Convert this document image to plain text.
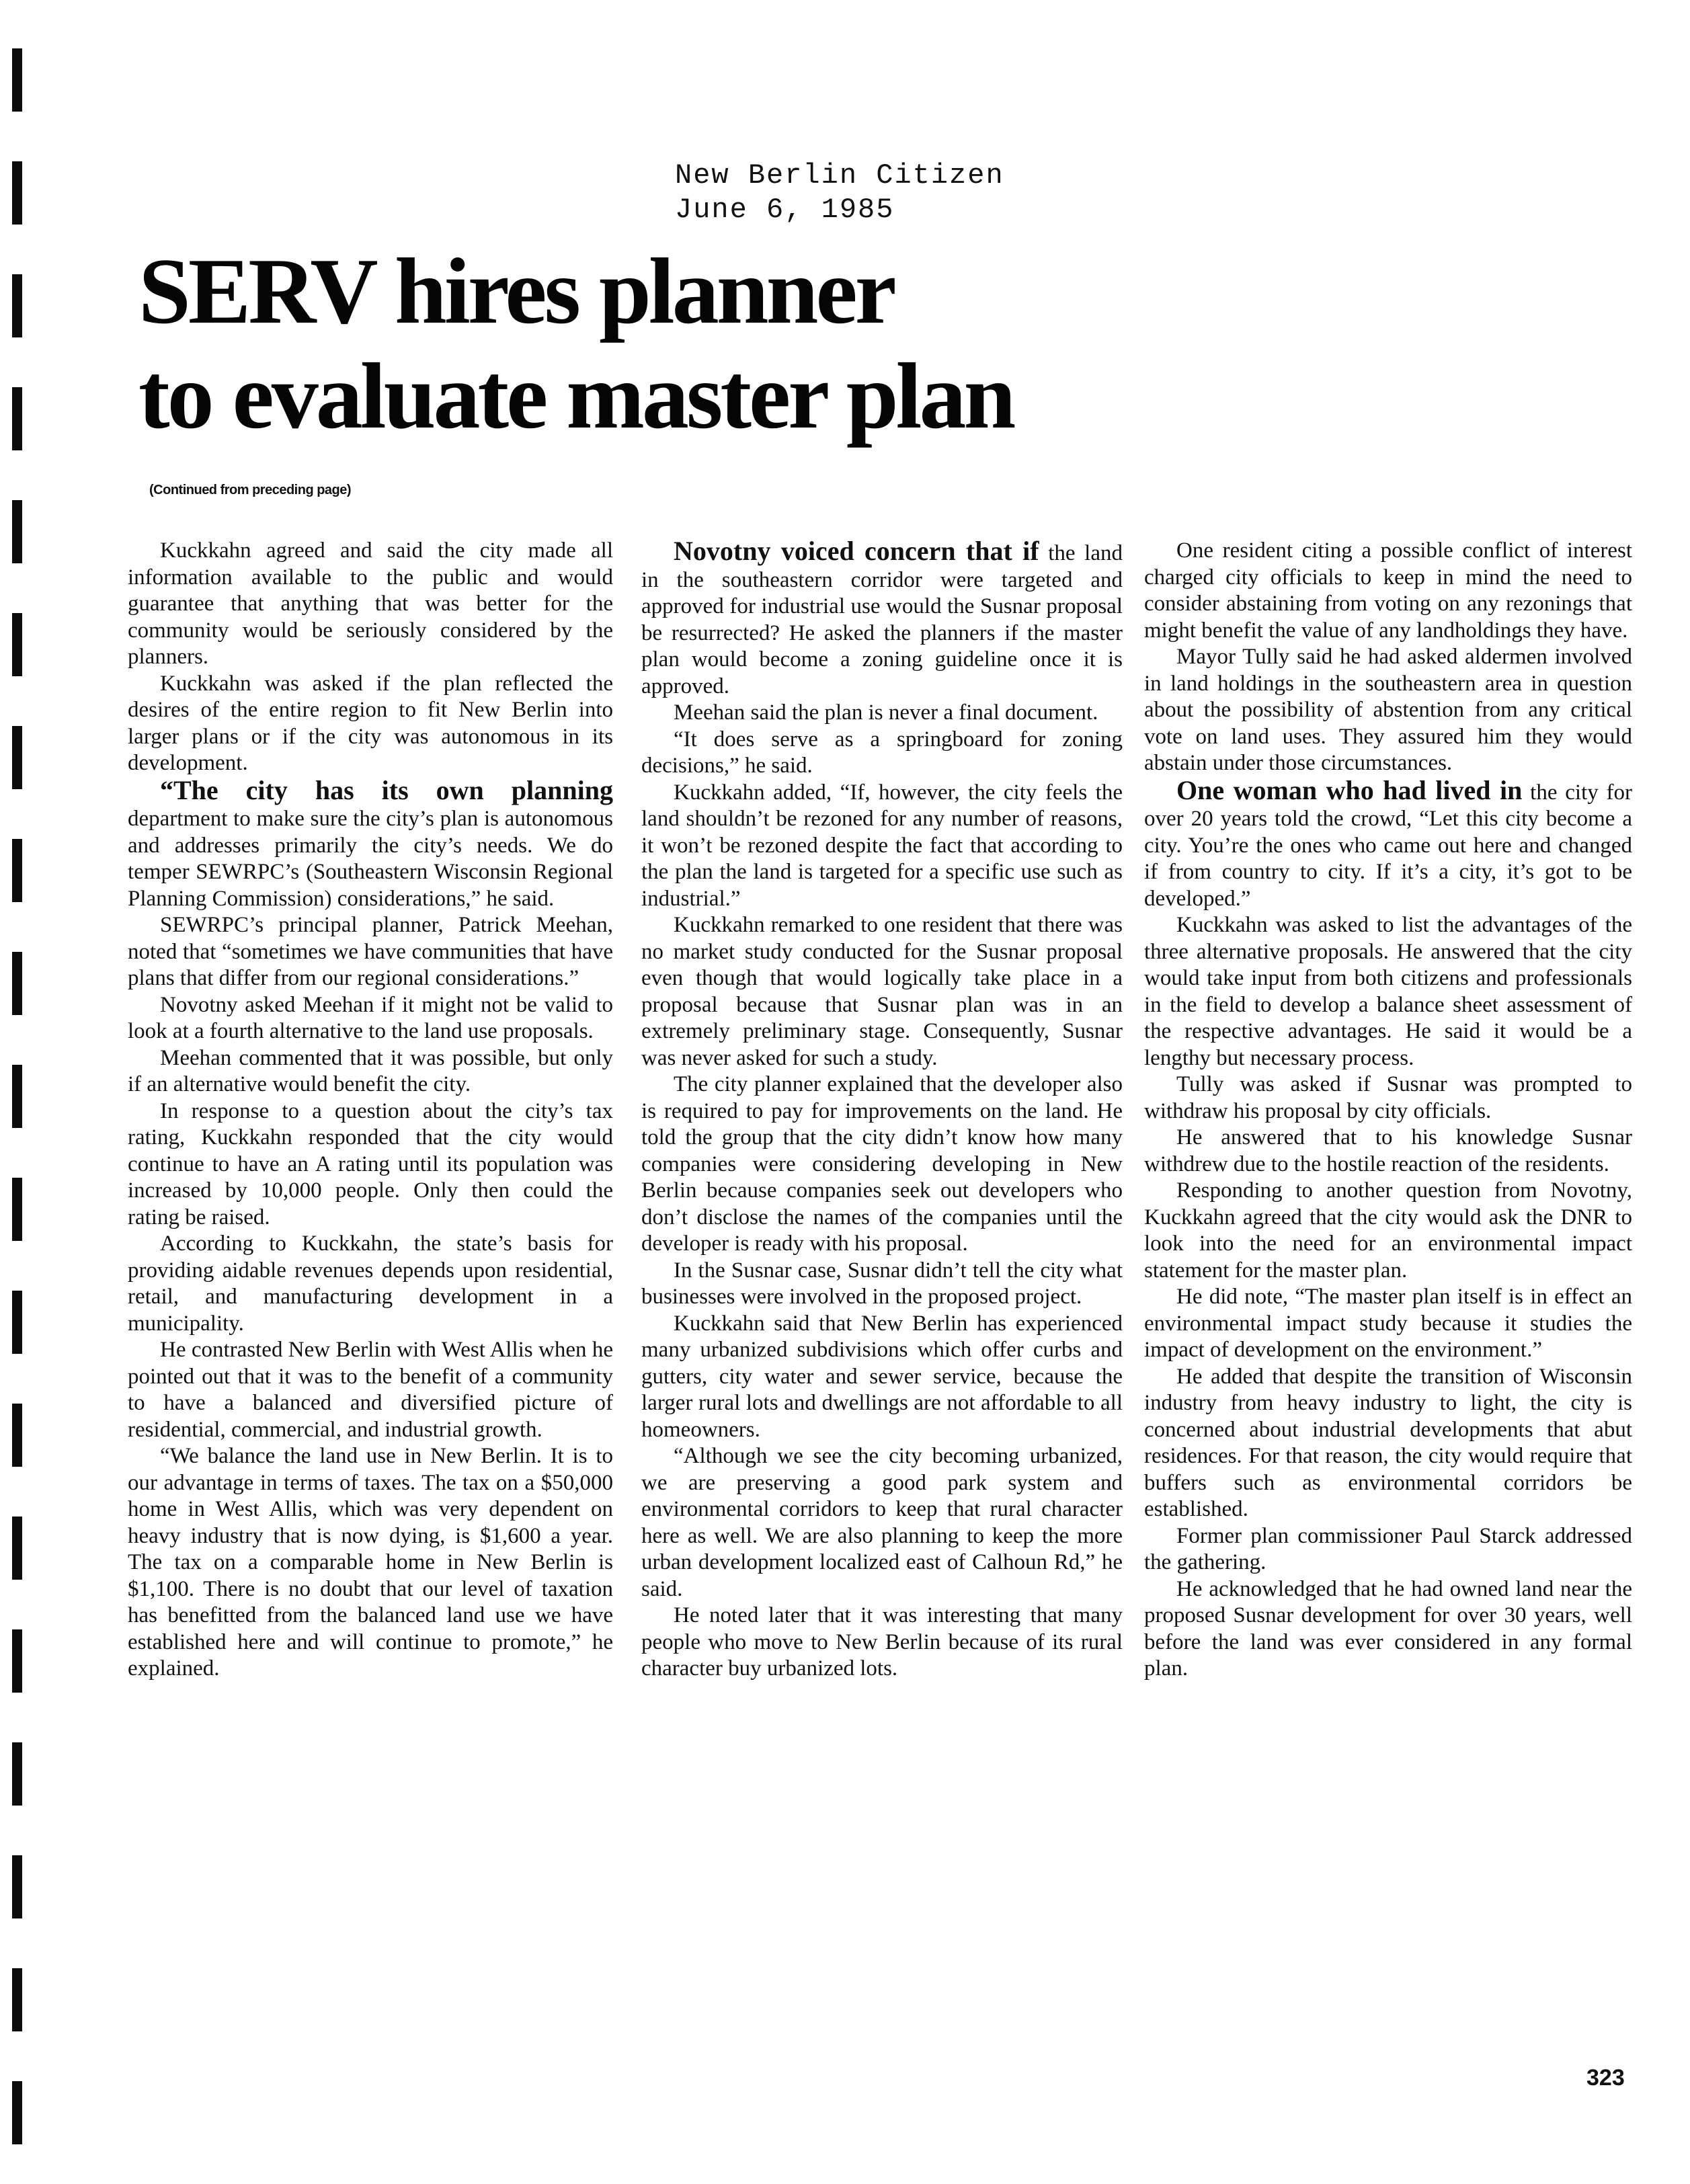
New Berlin Citizen
June 6, 1985
SERV hires planner
to evaluate master plan
(Continued from preceding page)

Kuckkahn agreed and said the city made all information available to the public and would guarantee that anything that was better for the community would be seriously considered by the planners.

Kuckkahn was asked if the plan reflected the desires of the entire region to fit New Berlin into larger plans or if the city was autonomous in its development.

“The city has its own planning department to make sure the city’s plan is autonomous and addresses primarily the city’s needs. We do temper SEWRPC’s (Southeastern Wisconsin Regional Planning Commission) considerations,” he said.

SEWRPC’s principal planner, Patrick Meehan, noted that “sometimes we have communities that have plans that differ from our regional considerations.”

Novotny asked Meehan if it might not be valid to look at a fourth alternative to the land use proposals.

Meehan commented that it was possible, but only if an alternative would benefit the city.

In response to a question about the city’s tax rating, Kuckkahn responded that the city would continue to have an A rating until its population was increased by 10,000 people. Only then could the rating be raised.

According to Kuckkahn, the state’s basis for providing aidable revenues depends upon residential, retail, and manufacturing development in a municipality.

He contrasted New Berlin with West Allis when he pointed out that it was to the benefit of a community to have a balanced and diversified picture of residential, commercial, and industrial growth.

“We balance the land use in New Berlin. It is to our advantage in terms of taxes. The tax on a $50,000 home in West Allis, which was very dependent on heavy industry that is now dying, is $1,600 a year. The tax on a comparable home in New Berlin is $1,100. There is no doubt that our level of taxation has benefitted from the balanced land use we have established here and will continue to promote,” he explained.

Novotny voiced concern that if the land in the southeastern corridor were targeted and approved for industrial use would the Susnar proposal be resurrected? He asked the planners if the master plan would become a zoning guideline once it is approved.

Meehan said the plan is never a final document.

“It does serve as a springboard for zoning decisions,” he said.

Kuckkahn added, “If, however, the city feels the land shouldn’t be rezoned for any number of reasons, it won’t be rezoned despite the fact that according to the plan the land is targeted for a specific use such as industrial.”

Kuckkahn remarked to one resident that there was no market study conducted for the Susnar proposal even though that would logically take place in a proposal because that Susnar plan was in an extremely preliminary stage. Consequently, Susnar was never asked for such a study.

The city planner explained that the developer also is required to pay for improvements on the land. He told the group that the city didn’t know how many companies were considering developing in New Berlin because companies seek out developers who don’t disclose the names of the companies until the developer is ready with his proposal.

In the Susnar case, Susnar didn’t tell the city what businesses were involved in the proposed project.

Kuckkahn said that New Berlin has experienced many urbanized subdivisions which offer curbs and gutters, city water and sewer service, because the larger rural lots and dwellings are not affordable to all homeowners.

“Although we see the city becoming urbanized, we are preserving a good park system and environmental corridors to keep that rural character here as well. We are also planning to keep the more urban development localized east of Calhoun Rd,” he said.

He noted later that it was interesting that many people who move to New Berlin because of its rural character buy urbanized lots.

One resident citing a possible conflict of interest charged city officials to keep in mind the need to consider abstaining from voting on any rezonings that might benefit the value of any landholdings they have.

Mayor Tully said he had asked aldermen involved in land holdings in the southeastern area in question about the possibility of abstention from any critical vote on land uses. They assured him they would abstain under those circumstances.

One woman who had lived in the city for over 20 years told the crowd, “Let this city become a city. You’re the ones who came out here and changed if from country to city. If it’s a city, it’s got to be developed.”

Kuckkahn was asked to list the advantages of the three alternative proposals. He answered that the city would take input from both citizens and professionals in the field to develop a balance sheet assessment of the respective advantages. He said it would be a lengthy but necessary process.

Tully was asked if Susnar was prompted to withdraw his proposal by city officials.

He answered that to his knowledge Susnar withdrew due to the hostile reaction of the residents.

Responding to another question from Novotny, Kuckkahn agreed that the city would ask the DNR to look into the need for an environmental impact statement for the master plan.

He did note, “The master plan itself is in effect an environmental impact study because it studies the impact of development on the environment.”

He added that despite the transition of Wisconsin industry from heavy industry to light, the city is concerned about industrial developments that abut residences. For that reason, the city would require that buffers such as environmental corridors be established.

Former plan commissioner Paul Starck addressed the gathering.

He acknowledged that he had owned land near the proposed Susnar development for over 30 years, well before the land was ever considered in any formal plan.

323
